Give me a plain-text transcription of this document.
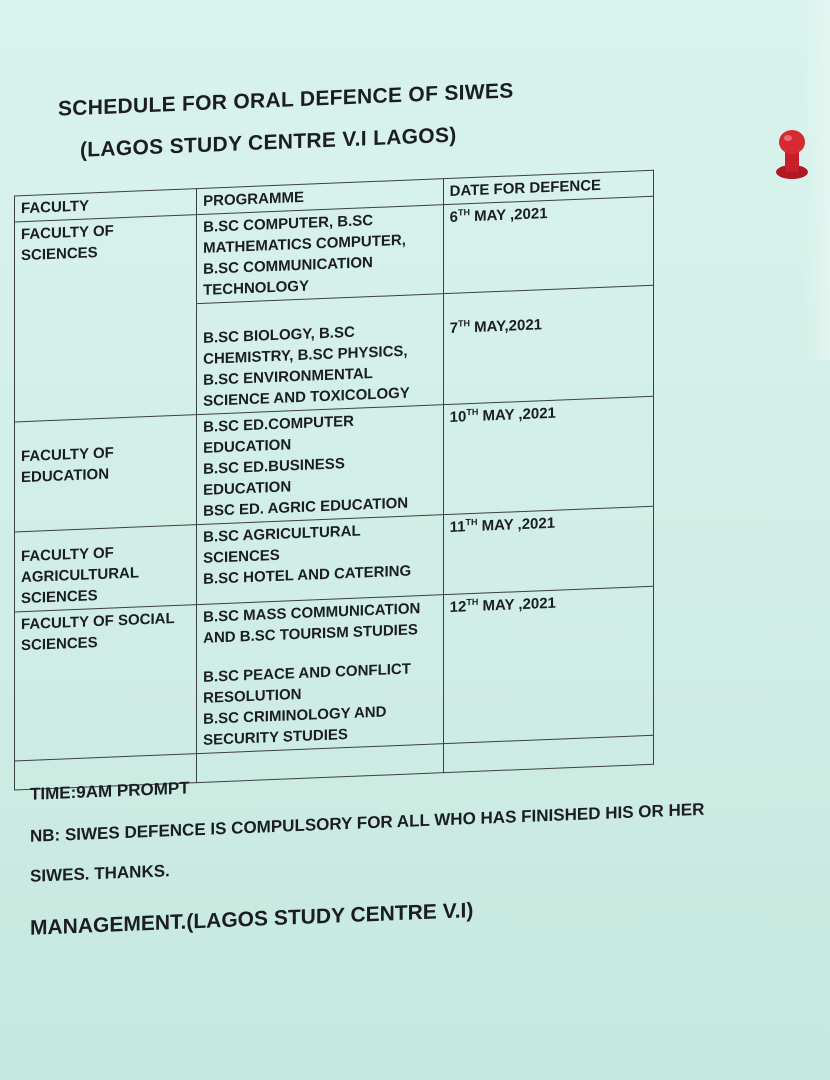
SCHEDULE FOR ORAL DEFENCE OF SIWES
(LAGOS STUDY CENTRE V.I LAGOS)
FACULTY	PROGRAMME	DATE FOR DEFENCE
FACULTY OF SCIENCES	B.SC COMPUTER, B.SC MATHEMATICS COMPUTER, B.SC COMMUNICATION TECHNOLOGY	6TH MAY ,2021

	B.SC BIOLOGY, B.SC CHEMISTRY, B.SC PHYSICS, B.SC ENVIRONMENTAL SCIENCE AND TOXICOLOGY	7TH MAY,2021

FACULTY OF EDUCATION	B.SC ED.COMPUTER EDUCATION
B.SC ED.BUSINESS EDUCATION
BSC ED. AGRIC EDUCATION	10TH MAY ,2021

FACULTY OF AGRICULTURAL SCIENCES	B.SC AGRICULTURAL SCIENCES
B.SC HOTEL AND CATERING	11TH MAY ,2021
FACULTY OF SOCIAL SCIENCES	B.SC MASS COMMUNICATION AND B.SC TOURISM STUDIES
B.SC PEACE AND CONFLICT RESOLUTION
B.SC CRIMINOLOGY AND SECURITY STUDIES	12TH MAY ,2021

TIME:9AM PROMPT
NB: SIWES DEFENCE IS COMPULSORY FOR ALL WHO HAS FINISHED HIS OR HER
SIWES. THANKS.
MANAGEMENT.(LAGOS STUDY CENTRE V.I)
